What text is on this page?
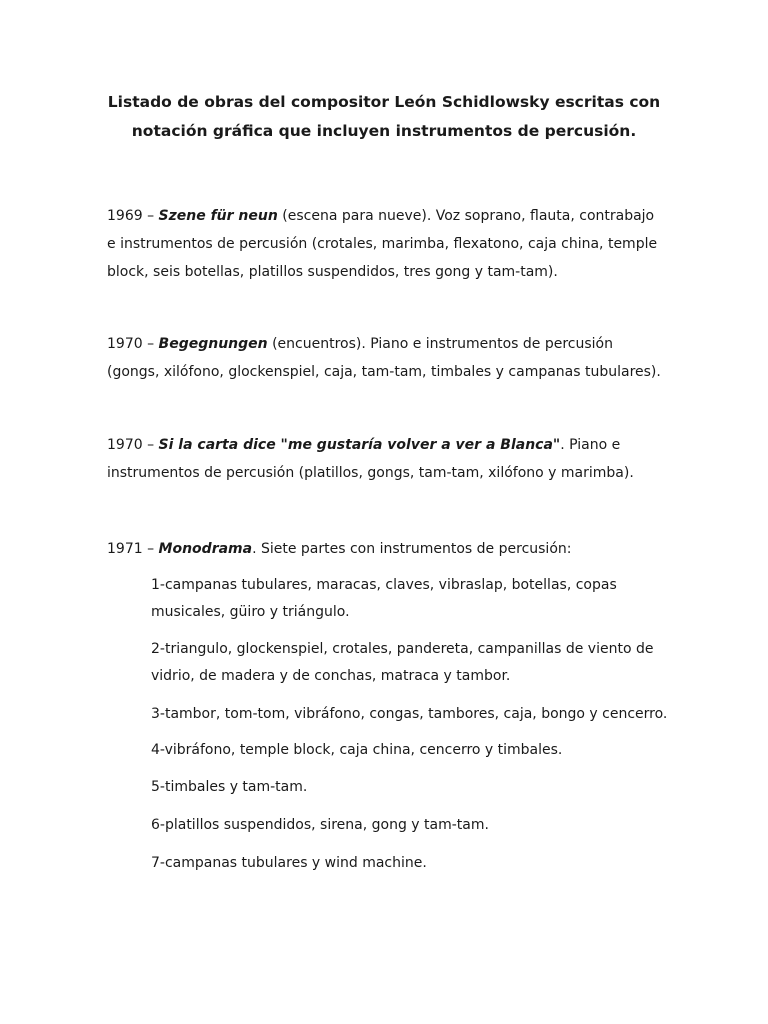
Listado de obras del compositor León Schidlowsky escritas con
notación gráfica que incluyen instrumentos de percusión.

1969 – Szene für neun (escena para nueve). Voz soprano, flauta, contrabajo e instrumentos de percusión (crotales, marimba, flexatono, caja china, temple block, seis botellas, platillos suspendidos, tres gong y tam-tam).

1970 – Begegnungen (encuentros). Piano e instrumentos de percusión (gongs, xilófono, glockenspiel, caja, tam-tam, timbales y campanas tubulares).

1970 – Si la carta dice "me gustaría volver a ver a Blanca". Piano e instrumentos de percusión (platillos, gongs, tam-tam, xilófono y marimba).

1971 – Monodrama. Siete partes con instrumentos de percusión:

1-campanas tubulares, maracas, claves, vibraslap, botellas, copas musicales, güiro y triángulo.
2-triangulo, glockenspiel, crotales, pandereta, campanillas de viento de vidrio, de madera y de conchas, matraca y tambor.
3-tambor, tom-tom, vibráfono, congas, tambores, caja, bongo y cencerro.
4-vibráfono, temple block, caja china, cencerro y timbales.
5-timbales y tam-tam.
6-platillos suspendidos, sirena, gong y tam-tam.
7-campanas tubulares y wind machine.
